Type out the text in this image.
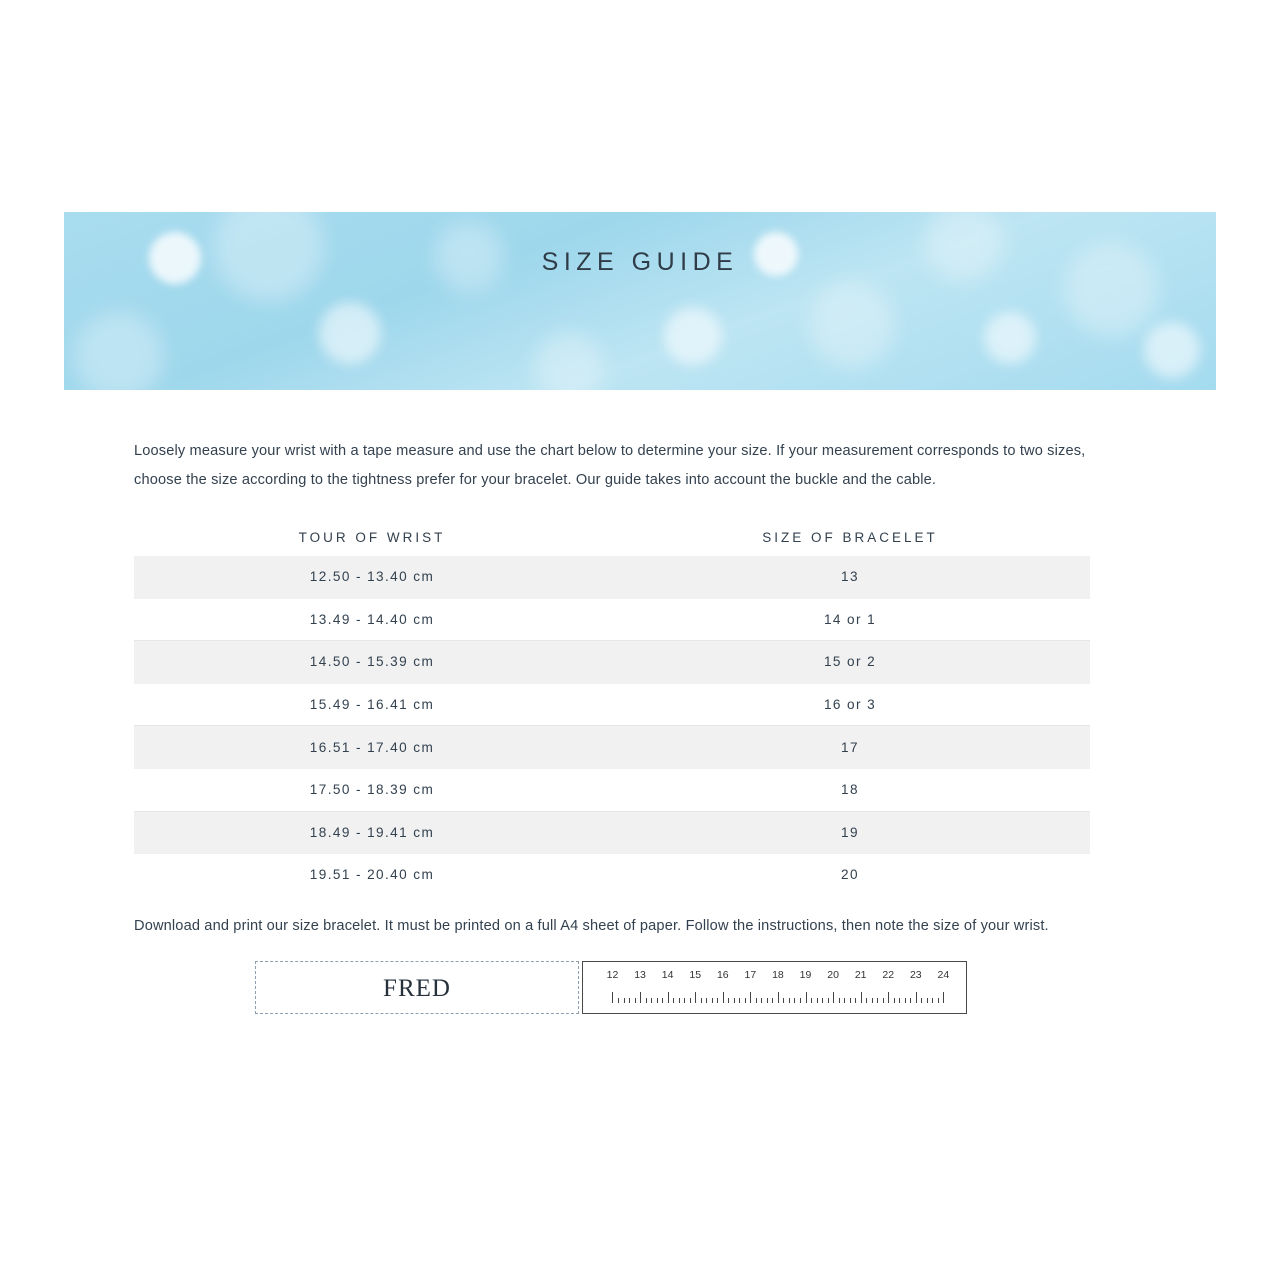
SIZE GUIDE
Loosely measure your wrist with a tape measure and use the chart below to determine your size. If your measurement corresponds to two sizes, choose the size according to the tightness prefer for your bracelet. Our guide takes into account the buckle and the cable.
TOUR OF WRIST	SIZE OF BRACELET
12.50 - 13.40 cm	13
13.49 - 14.40 cm	14 or 1
14.50 - 15.39 cm	15 or 2
15.49 - 16.41 cm	16 or 3
16.51 - 17.40 cm	17
17.50 - 18.39 cm	18
18.49 - 19.41 cm	19
19.51 - 20.40 cm	20
Download and print our size bracelet. It must be printed on a full A4 sheet of paper. Follow the instructions, then note the size of your wrist.
FRED	12 13 14 15 16 17 18 19 20 21 22 23 24
